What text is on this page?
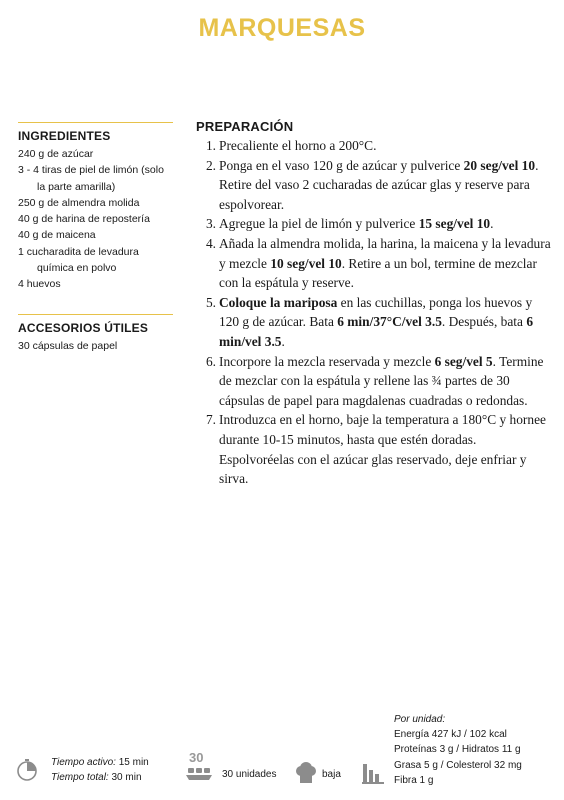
MARQUESAS
INGREDIENTES
240 g de azúcar
3 - 4 tiras de piel de limón (solo la parte amarilla)
250 g de almendra molida
40 g de harina de repostería
40 g de maicena
1 cucharadita de levadura química en polvo
4 huevos
ACCESORIOS ÚTILES
30 cápsulas de papel
PREPARACIÓN
1. Precaliente el horno a 200°C.
2. Ponga en el vaso 120 g de azúcar y pulverice 20 seg/vel 10. Retire del vaso 2 cucharadas de azúcar glas y reserve para espolvorear.
3. Agregue la piel de limón y pulverice 15 seg/vel 10.
4. Añada la almendra molida, la harina, la maicena y la levadura y mezcle 10 seg/vel 10. Retire a un bol, termine de mezclar con la espátula y reserve.
5. Coloque la mariposa en las cuchillas, ponga los huevos y 120 g de azúcar. Bata 6 min/37°C/vel 3.5. Después, bata 6 min/vel 3.5.
6. Incorpore la mezcla reservada y mezcle 6 seg/vel 5. Termine de mezclar con la espátula y rellene las ¾ partes de 30 cápsulas de papel para magdalenas cuadradas o redondas.
7. Introduzca en el horno, baje la temperatura a 180°C y hornee durante 10-15 minutos, hasta que estén doradas. Espolvoréelas con el azúcar glas reservado, deje enfriar y sirva.
Tiempo activo: 15 min
Tiempo total: 30 min
30
30 unidades	baja
Por unidad:
Energía 427 kJ / 102 kcal
Proteínas 3 g / Hidratos 11 g
Grasa 5 g / Colesterol 32 mg
Fibra 1 g
